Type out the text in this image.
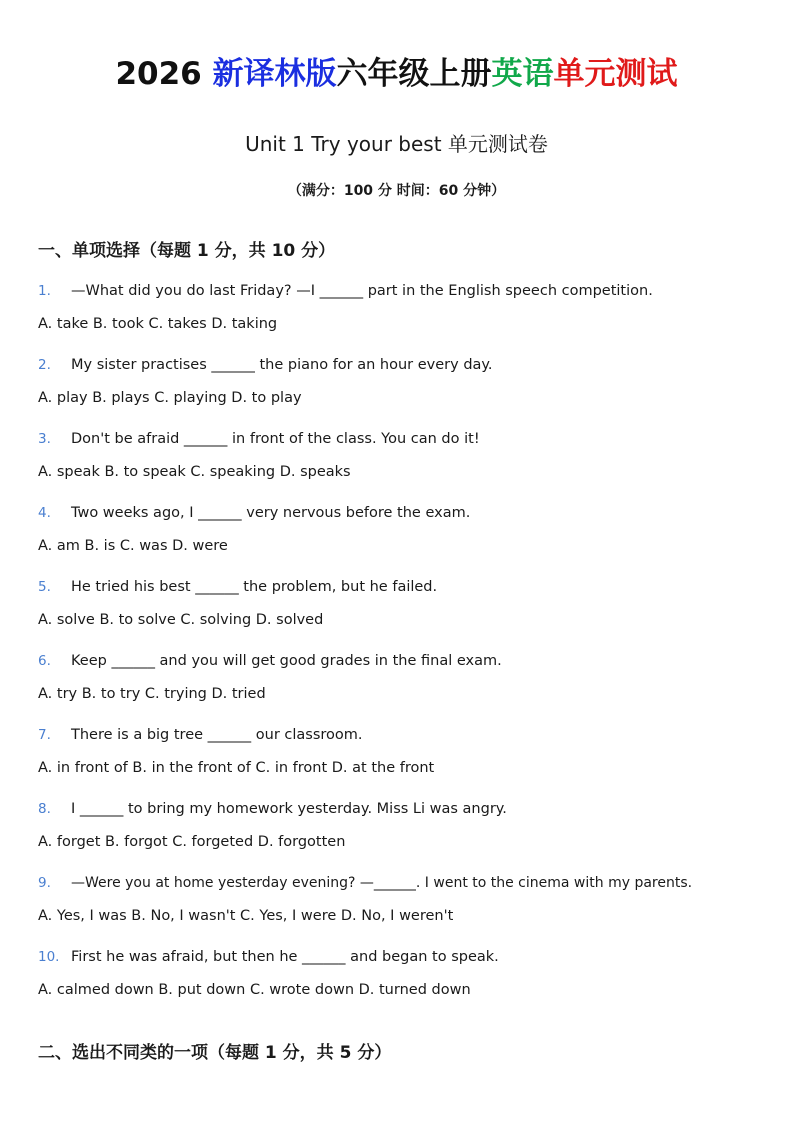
2026 新译林版六年级上册英语单元测试
Unit 1 Try your best 单元测试卷
（满分：100 分 时间：60 分钟）
一、单项选择（每题 1 分，共 10 分）
1. —What did you do last Friday? —I ______ part in the English speech competition.
A. take B. took C. takes D. taking
2. My sister practises ______ the piano for an hour every day.
A. play B. plays C. playing D. to play
3. Don't be afraid ______ in front of the class. You can do it!
A. speak B. to speak C. speaking D. speaks
4. Two weeks ago, I ______ very nervous before the exam.
A. am B. is C. was D. were
5. He tried his best ______ the problem, but he failed.
A. solve B. to solve C. solving D. solved
6. Keep ______ and you will get good grades in the final exam.
A. try B. to try C. trying D. tried
7. There is a big tree ______ our classroom.
A. in front of B. in the front of C. in front D. at the front
8. I ______ to bring my homework yesterday. Miss Li was angry.
A. forget B. forgot C. forgeted D. forgotten
9. —Were you at home yesterday evening? —______. I went to the cinema with my parents.
A. Yes, I was B. No, I wasn't C. Yes, I were D. No, I weren't
10. First he was afraid, but then he ______ and began to speak.
A. calmed down B. put down C. wrote down D. turned down
二、选出不同类的一项（每题 1 分，共 5 分）
